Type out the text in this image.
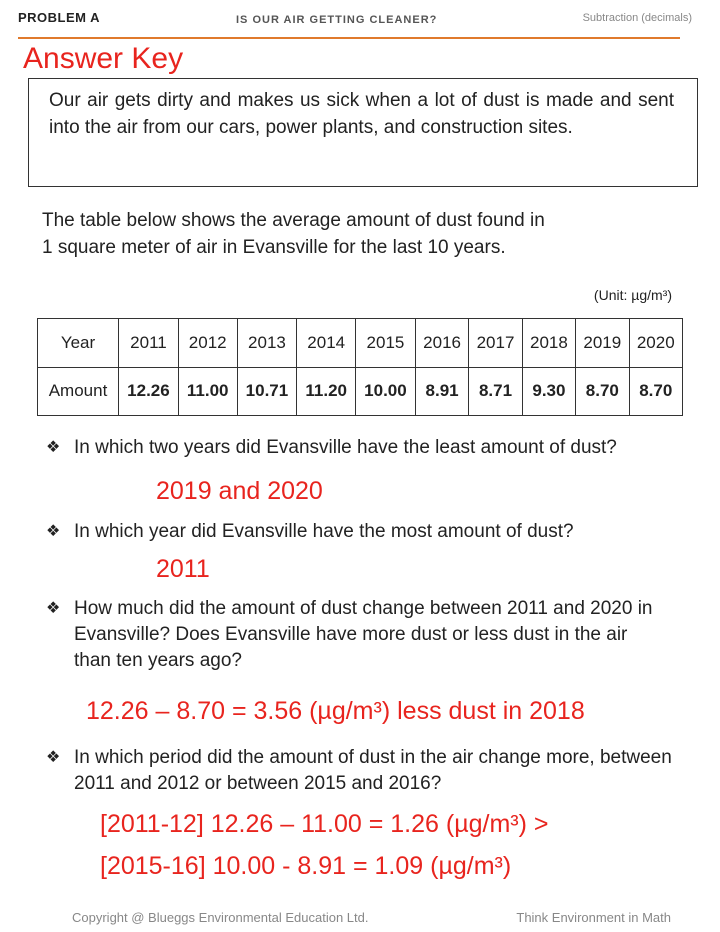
PROBLEM A	IS OUR AIR GETTING CLEANER?	Subtraction (decimals)
Answer Key
Our air gets dirty and makes us sick when a lot of dust is made and sent into the air from our cars, power plants, and construction sites.
The table below shows the average amount of dust found in
1 square meter of air in Evansville for the last 10 years.
(Unit: µg/m³)
Year	2011	2012	2013	2014	2015	2016	2017	2018	2019	2020
Amount	12.26	11.00	10.71	11.20	10.00	8.91	8.71	9.30	8.70	8.70
❖ In which two years did Evansville have the least amount of dust?
2019 and 2020
❖ In which year did Evansville have the most amount of dust?
2011
❖ How much did the amount of dust change between 2011 and 2020 in Evansville? Does Evansville have more dust or less dust in the air than ten years ago?
12.26 – 8.70 = 3.56 (µg/m³) less dust in 2018
❖ In which period did the amount of dust in the air change more, between 2011 and 2012 or between 2015 and 2016?
[2011-12] 12.26 – 11.00 = 1.26 (µg/m³) >
[2015-16] 10.00 - 8.91 = 1.09 (µg/m³)
Copyright @ Blueggs Environmental Education Ltd.	Think Environment in Math
